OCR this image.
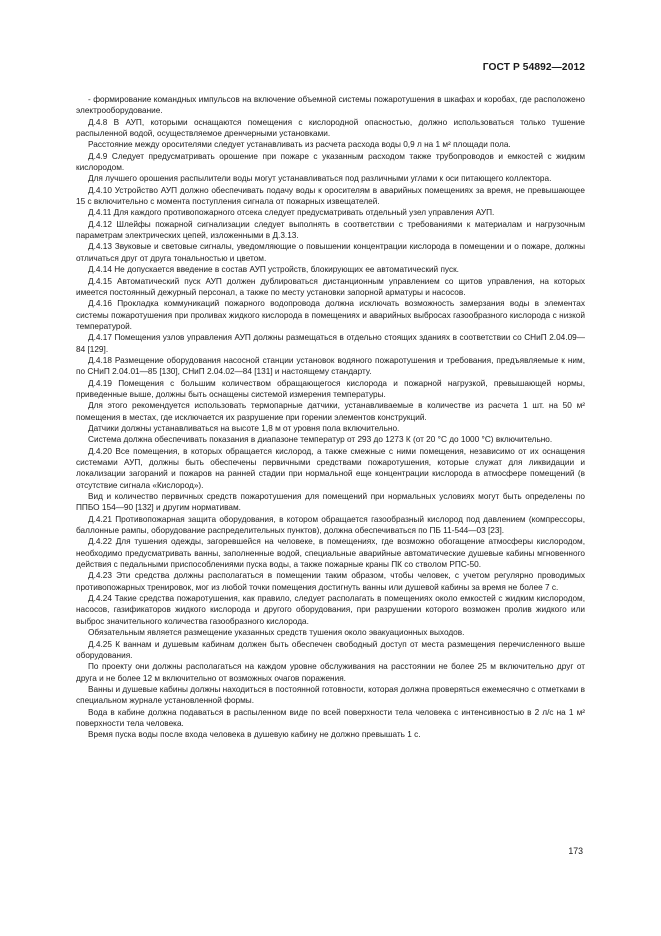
ГОСТ Р 54892—2012

- формирование командных импульсов на включение объемной системы пожаротушения в шкафах и коробах, где расположено электрооборудование.

Д.4.8 В АУП, которыми оснащаются помещения с кислородной опасностью, должно использоваться только тушение распыленной водой, осуществляемое дренчерными установками.

Расстояние между оросителями следует устанавливать из расчета расхода воды 0,9 л на 1 м² площади пола.

Д.4.9 Следует предусматривать орошение при пожаре с указанным расходом также трубопроводов и емкостей с жидким кислородом.

Для лучшего орошения распылители воды могут устанавливаться под различными углами к оси питающего коллектора.

Д.4.10 Устройство АУП должно обеспечивать подачу воды к оросителям в аварийных помещениях за время, не превышающее 15 с включительно с момента поступления сигнала от пожарных извещателей.

Д.4.11 Для каждого противопожарного отсека следует предусматривать отдельный узел управления АУП.

Д.4.12 Шлейфы пожарной сигнализации следует выполнять в соответствии с требованиями к материалам и нагрузочным параметрам электрических цепей, изложенными в Д.3.13.

Д.4.13 Звуковые и световые сигналы, уведомляющие о повышении концентрации кислорода в помещении и о пожаре, должны отличаться друг от друга тональностью и цветом.

Д.4.14 Не допускается введение в состав АУП устройств, блокирующих ее автоматический пуск.

Д.4.15 Автоматический пуск АУП должен дублироваться дистанционным управлением со щитов управления, на которых имеется постоянный дежурный персонал, а также по месту установки запорной арматуры и насосов.

Д.4.16 Прокладка коммуникаций пожарного водопровода должна исключать возможность замерзания воды в элементах системы пожаротушения при проливах жидкого кислорода в помещениях и аварийных выбросах газообразного кислорода с низкой температурой.

Д.4.17 Помещения узлов управления АУП должны размещаться в отдельно стоящих зданиях в соответствии со СНиП 2.04.09—84 [129].

Д.4.18 Размещение оборудования насосной станции установок водяного пожаротушения и требования, предъявляемые к ним, по СНиП 2.04.01—85 [130], СНиП 2.04.02—84 [131] и настоящему стандарту.

Д.4.19 Помещения с большим количеством обращающегося кислорода и пожарной нагрузкой, превышающей нормы, приведенные выше, должны быть оснащены системой измерения температуры.

Для этого рекомендуется использовать термопарные датчики, устанавливаемые в количестве из расчета 1 шт. на 50 м² помещения в местах, где исключается их разрушение при горении элементов конструкций.

Датчики должны устанавливаться на высоте 1,8 м от уровня пола включительно.

Система должна обеспечивать показания в диапазоне температур от 293 до 1273 К (от 20 °С до 1000 °С) включительно.

Д.4.20 Все помещения, в которых обращается кислород, а также смежные с ними помещения, независимо от их оснащения системами АУП, должны быть обеспечены первичными средствами пожаротушения, которые служат для ликвидации и локализации загораний и пожаров на ранней стадии при нормальной еще концентрации кислорода в атмосфере помещений (в отсутствие сигнала «Кислород»).

Вид и количество первичных средств пожаротушения для помещений при нормальных условиях могут быть определены по ППБО 154—90 [132] и другим нормативам.

Д.4.21 Противопожарная защита оборудования, в котором обращается газообразный кислород под давлением (компрессоры, баллонные рампы, оборудование распределительных пунктов), должна обеспечиваться по ПБ 11-544—03 [23].

Д.4.22 Для тушения одежды, загоревшейся на человеке, в помещениях, где возможно обогащение атмосферы кислородом, необходимо предусматривать ванны, заполненные водой, специальные аварийные автоматические душевые кабины мгновенного действия с педальными приспособлениями пуска воды, а также пожарные краны ПК со стволом РПС-50.

Д.4.23 Эти средства должны располагаться в помещении таким образом, чтобы человек, с учетом регулярно проводимых противопожарных тренировок, мог из любой точки помещения достигнуть ванны или душевой кабины за время не более 7 с.

Д.4.24 Такие средства пожаротушения, как правило, следует располагать в помещениях около емкостей с жидким кислородом, насосов, газификаторов жидкого кислорода и другого оборудования, при разрушении которого возможен пролив жидкого или выброс значительного количества газообразного кислорода.

Обязательным является размещение указанных средств тушения около эвакуационных выходов.

Д.4.25 К ваннам и душевым кабинам должен быть обеспечен свободный доступ от места размещения перечисленного выше оборудования.

По проекту они должны располагаться на каждом уровне обслуживания на расстоянии не более 25 м включительно друг от друга и не более 12 м включительно от возможных очагов поражения.

Ванны и душевые кабины должны находиться в постоянной готовности, которая должна проверяться ежемесячно с отметками в специальном журнале установленной формы.

Вода в кабине должна подаваться в распыленном виде по всей поверхности тела человека с интенсивностью в 2 л/с на 1 м² поверхности тела человека.

Время пуска воды после входа человека в душевую кабину не должно превышать 1 с.

173
